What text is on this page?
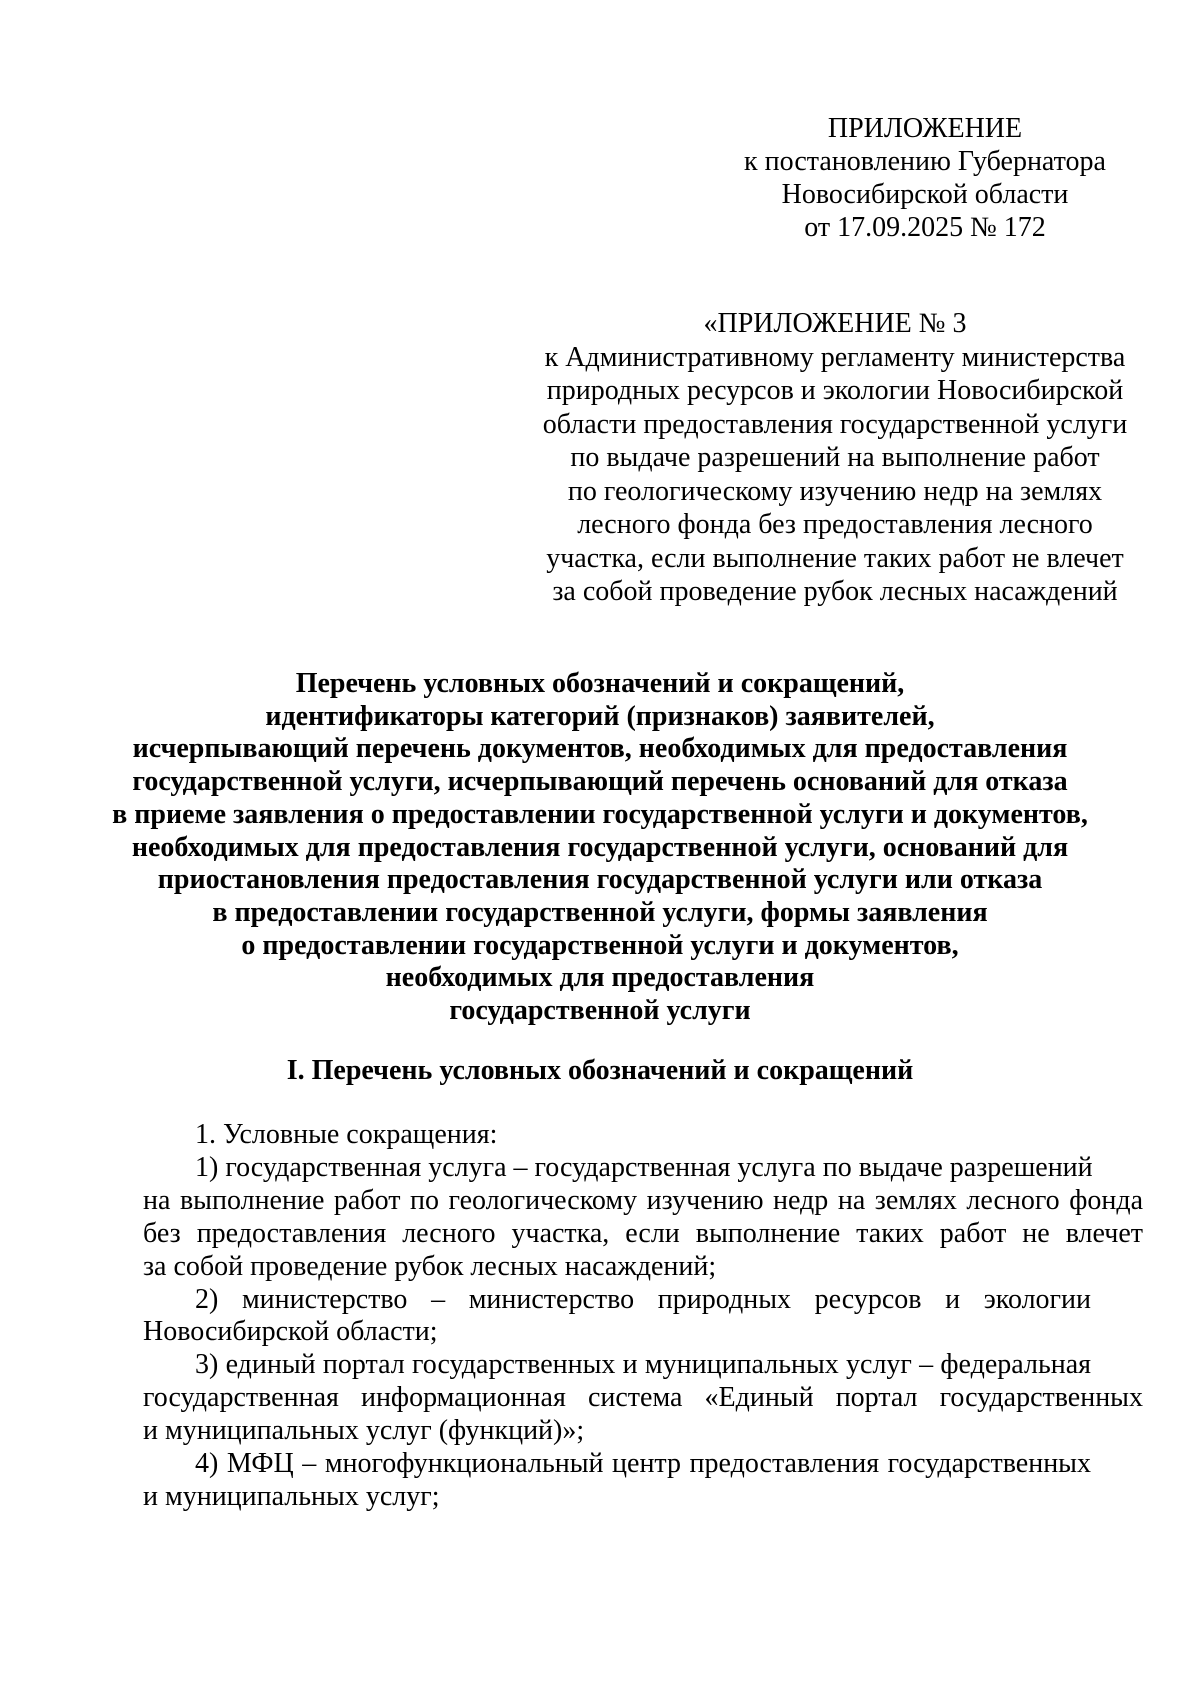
ПРИЛОЖЕНИЕ
к постановлению Губернатора
Новосибирской области
от 17.09.2025 № 172
«ПРИЛОЖЕНИЕ № 3
к Административному регламенту министерства
природных ресурсов и экологии Новосибирской
области предоставления государственной услуги
по выдаче разрешений на выполнение работ
по геологическому изучению недр на землях
лесного фонда без предоставления лесного
участка, если выполнение таких работ не влечет
за собой проведение рубок лесных насаждений
Перечень условных обозначений и сокращений,
идентификаторы категорий (признаков) заявителей,
исчерпывающий перечень документов, необходимых для предоставления
государственной услуги, исчерпывающий перечень оснований для отказа
в приеме заявления о предоставлении государственной услуги и документов,
необходимых для предоставления государственной услуги, оснований для
приостановления предоставления государственной услуги или отказа
в предоставлении государственной услуги, формы заявления
о предоставлении государственной услуги и документов,
необходимых для предоставления
государственной услуги
I. Перечень условных обозначений и сокращений
1. Условные сокращения:
1) государственная услуга – государственная услуга по выдаче разрешений
на выполнение работ по геологическому изучению недр на землях лесного фонда
без предоставления лесного участка, если выполнение таких работ не влечет
за собой проведение рубок лесных насаждений;
2) министерство – министерство природных ресурсов и экологии
Новосибирской области;
3) единый портал государственных и муниципальных услуг – федеральная
государственная информационная система «Единый портал государственных
и муниципальных услуг (функций)»;
4) МФЦ – многофункциональный центр предоставления государственных
и муниципальных услуг;
